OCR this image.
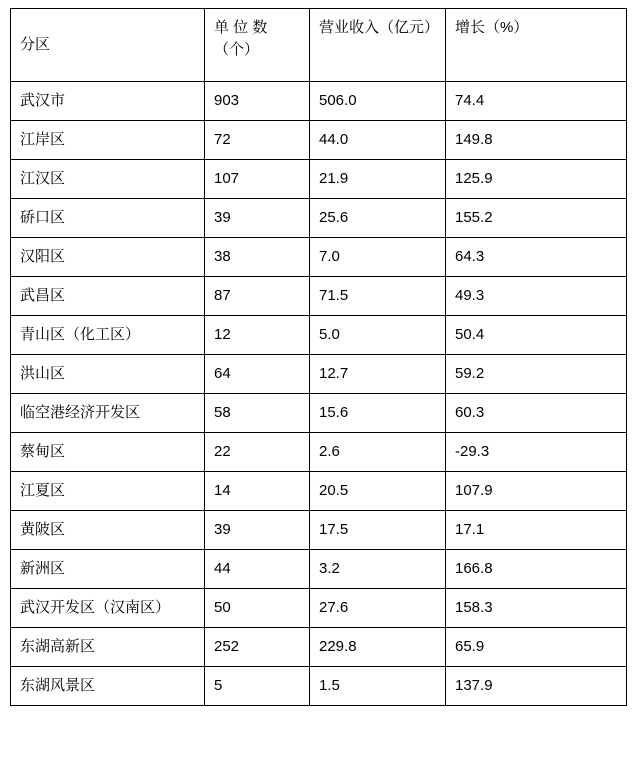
分区	单 位 数（个）	营业收入（亿元）	增长（%）
武汉市	903	506.0	74.4
江岸区	72	44.0	149.8
江汉区	107	21.9	125.9
硚口区	39	25.6	155.2
汉阳区	38	7.0	64.3
武昌区	87	71.5	49.3
青山区（化工区）	12	5.0	50.4
洪山区	64	12.7	59.2
临空港经济开发区	58	15.6	60.3
蔡甸区	22	2.6	-29.3
江夏区	14	20.5	107.9
黄陂区	39	17.5	17.1
新洲区	44	3.2	166.8
武汉开发区（汉南区）	50	27.6	158.3
东湖高新区	252	229.8	65.9
东湖风景区	5	1.5	137.9
